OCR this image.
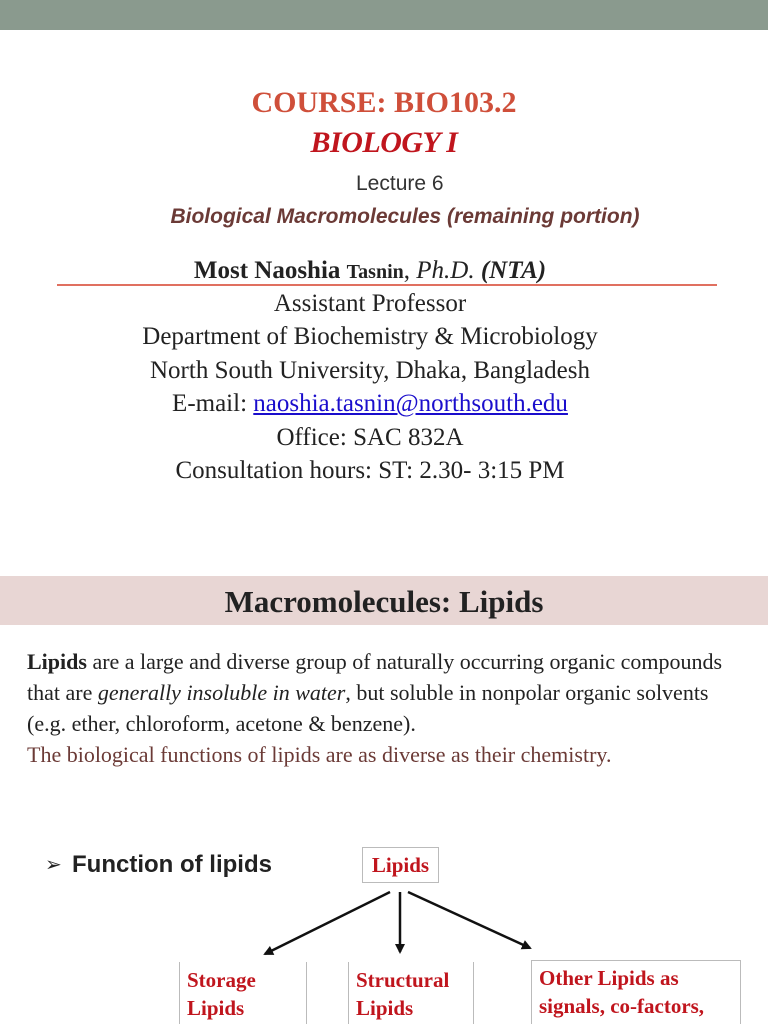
COURSE: BIO103.2
BIOLOGY I
Lecture 6
Biological Macromolecules (remaining portion)
Most Naoshia Tasnin, Ph.D. (NTA)
Assistant Professor
Department of Biochemistry & Microbiology
North South University, Dhaka, Bangladesh
E-mail: naoshia.tasnin@northsouth.edu
Office: SAC 832A
Consultation hours: ST: 2.30- 3:15 PM
Macromolecules: Lipids
Lipids are a large and diverse group of naturally occurring organic compounds that are generally insoluble in water, but soluble in nonpolar organic solvents (e.g. ether, chloroform, acetone & benzene).
The biological functions of lipids are as diverse as their chemistry.
➢ Function of lipids	Lipids
Storage
Lipids
Structural
Lipids
Other Lipids as
signals, co-factors,
